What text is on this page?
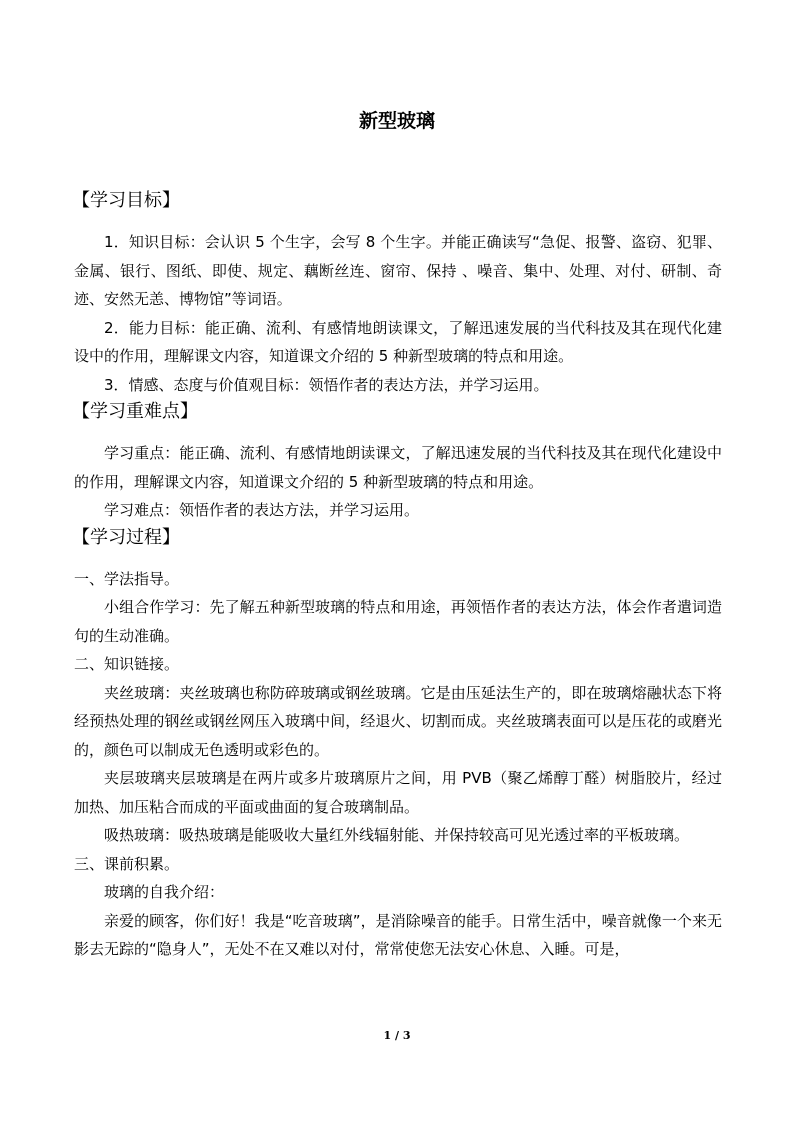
新型玻璃
【学习目标】

1．知识目标：会认识 5 个生字，会写 8 个生字。并能正确读写“急促、报警、盗窃、犯罪、金属、银行、图纸、即使、规定、藕断丝连、窗帘、保持 、噪音、集中、处理、对付、研制、奇迹、安然无恙、博物馆”等词语。

2．能力目标：能正确、流利、有感情地朗读课文，了解迅速发展的当代科技及其在现代化建设中的作用，理解课文内容，知道课文介绍的 5 种新型玻璃的特点和用途。

3．情感、态度与价值观目标：领悟作者的表达方法，并学习运用。

【学习重难点】

学习重点：能正确、流利、有感情地朗读课文，了解迅速发展的当代科技及其在现代化建设中的作用，理解课文内容，知道课文介绍的 5 种新型玻璃的特点和用途。

学习难点：领悟作者的表达方法，并学习运用。

【学习过程】

一、学法指导。

小组合作学习：先了解五种新型玻璃的特点和用途，再领悟作者的表达方法，体会作者遣词造句的生动准确。

二、知识链接。

夹丝玻璃：夹丝玻璃也称防碎玻璃或钢丝玻璃。它是由压延法生产的，即在玻璃熔融状态下将经预热处理的钢丝或钢丝网压入玻璃中间，经退火、切割而成。夹丝玻璃表面可以是压花的或磨光的，颜色可以制成无色透明或彩色的。

夹层玻璃夹层玻璃是在两片或多片玻璃原片之间，用 PVB（聚乙烯醇丁醛）树脂胶片，经过加热、加压粘合而成的平面或曲面的复合玻璃制品。

吸热玻璃：吸热玻璃是能吸收大量红外线辐射能、并保持较高可见光透过率的平板玻璃。

三、课前积累。

玻璃的自我介绍：

亲爱的顾客，你们好！我是“吃音玻璃”，是消除噪音的能手。日常生活中，噪音就像一个来无影去无踪的“隐身人”，无处不在又难以对付，常常使您无法安心休息、入睡。可是，

1 / 3
